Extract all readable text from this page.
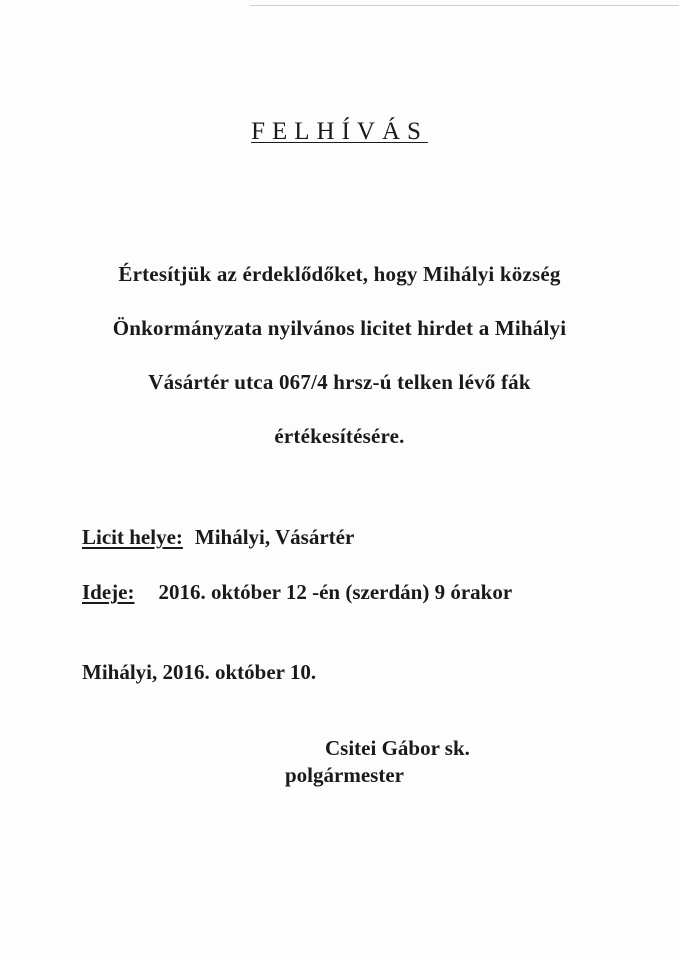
FELHÍVÁS
Értesítjük az érdeklődőket, hogy Mihályi község
Önkormányzata nyilvános licitet hirdet a Mihályi
Vásártér utca 067/4 hrsz-ú telken lévő fák
értékesítésére.
Licit helye: Mihályi, Vásártér
Ideje: 2016. október 12 -én (szerdán) 9 órakor
Mihályi, 2016. október 10.
Csitei Gábor sk.
polgármester
